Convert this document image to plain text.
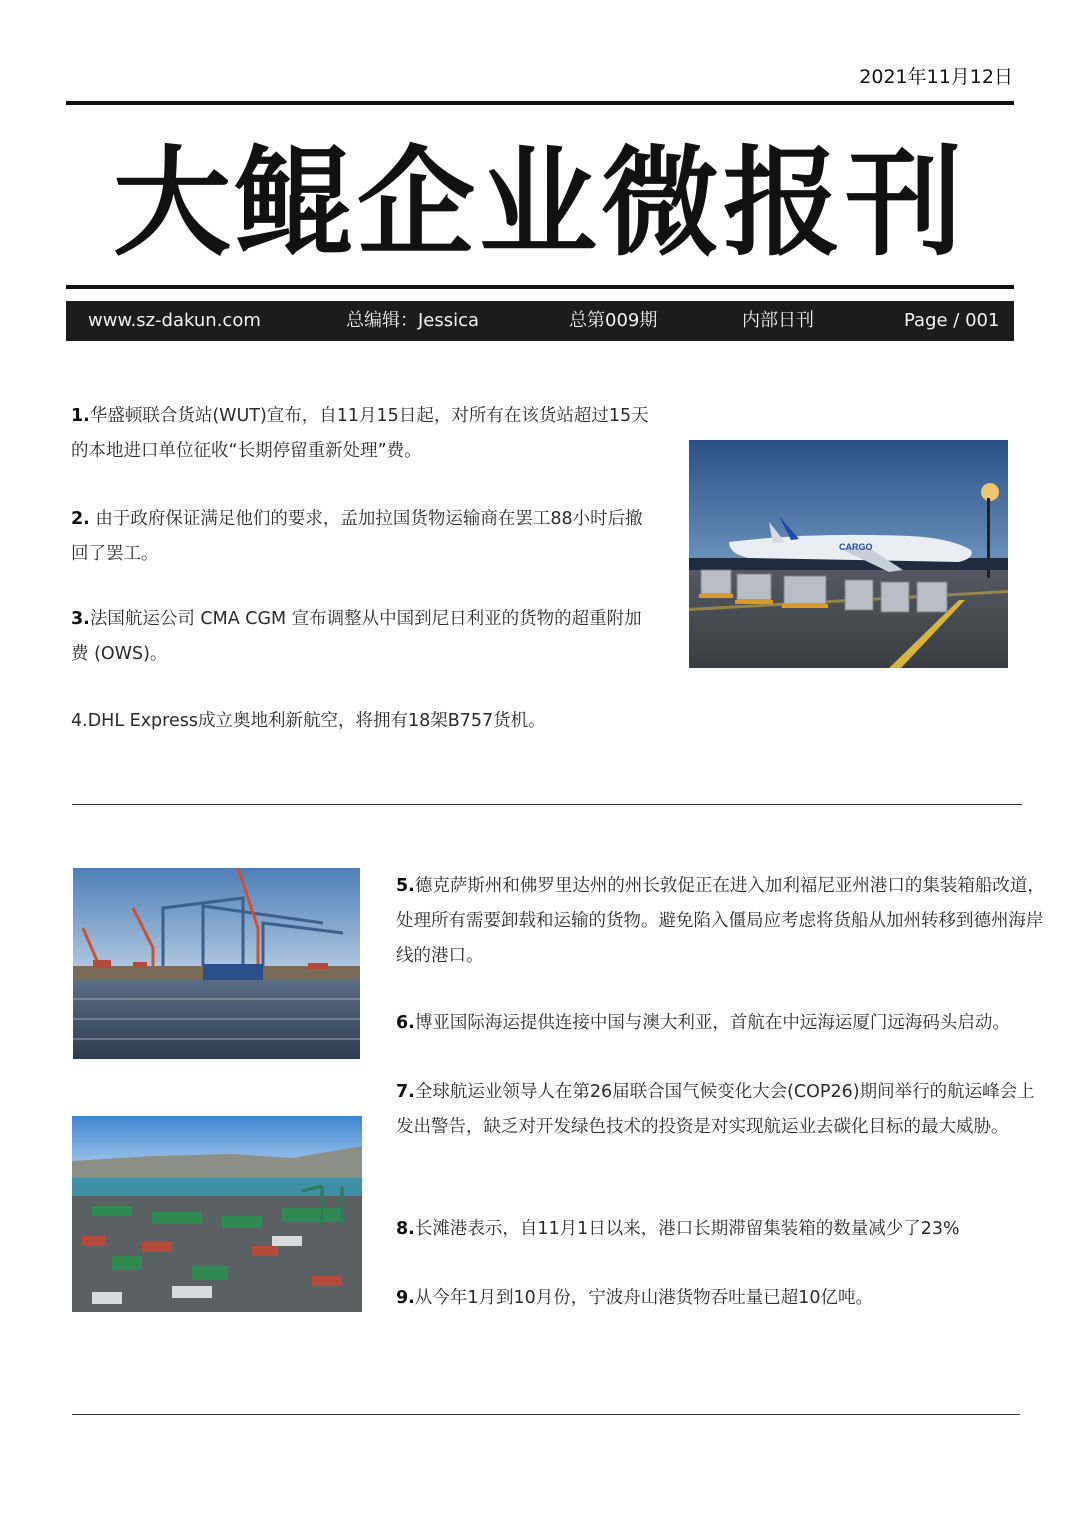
2021年11月12日
大鲲企业微报刊
www.sz-dakun.com	总编辑：Jessica	总第009期	内部日刊	Page / 001
1.华盛顿联合货站(WUT)宣布，自11月15日起，对所有在该货站超过15天的本地进口单位征收“长期停留重新处理”费。
2. 由于政府保证满足他们的要求，孟加拉国货物运输商在罢工88小时后撤回了罢工。
3.法国航运公司 CMA CGM 宣布调整从中国到尼日利亚的货物的超重附加费 (OWS)。
4.DHL Express成立奥地利新航空，将拥有18架B757货机。
CARGO
5.德克萨斯州和佛罗里达州的州长敦促正在进入加利福尼亚州港口的集装箱船改道，处理所有需要卸载和运输的货物。避免陷入僵局应考虑将货船从加州转移到德州海岸线的港口。
6.博亚国际海运提供连接中国与澳大利亚，首航在中远海运厦门远海码头启动。
7.全球航运业领导人在第26届联合国气候变化大会(COP26)期间举行的航运峰会上发出警告，缺乏对开发绿色技术的投资是对实现航运业去碳化目标的最大威胁。
8.长滩港表示，自11月1日以来，港口长期滞留集装箱的数量减少了23%
9.从今年1月到10月份，宁波舟山港货物吞吐量已超10亿吨。
